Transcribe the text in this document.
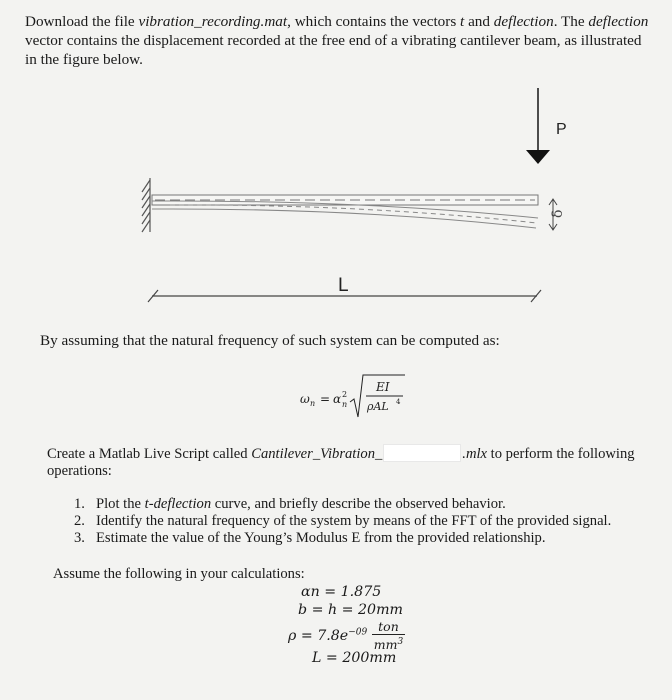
Download the file vibration_recording.mat, which contains the vectors t and deflection. The deflection vector contains the displacement recorded at the free end of a vibrating cantilever beam, as illustrated in the figure below.

δ
P
L
By assuming that the natural frequency of such system can be computed as:
ω n = α 2
n
EI
ρAL 4
Create a Matlab Live Script called Cantilever_Vibration_	.mlx to perform the following operations:
1. Plot the t-deflection curve, and briefly describe the observed behavior.
2. Identify the natural frequency of the system by means of the FFT of the provided signal.
3. Estimate the value of the Young’s Modulus E from the provided relationship.
Assume the following in your calculations:
αn = 1.875
b = h = 20mm
$\rho = 7.8e^{-09} \frac{\text{ton}}{mm^3}$
L = 200mm
